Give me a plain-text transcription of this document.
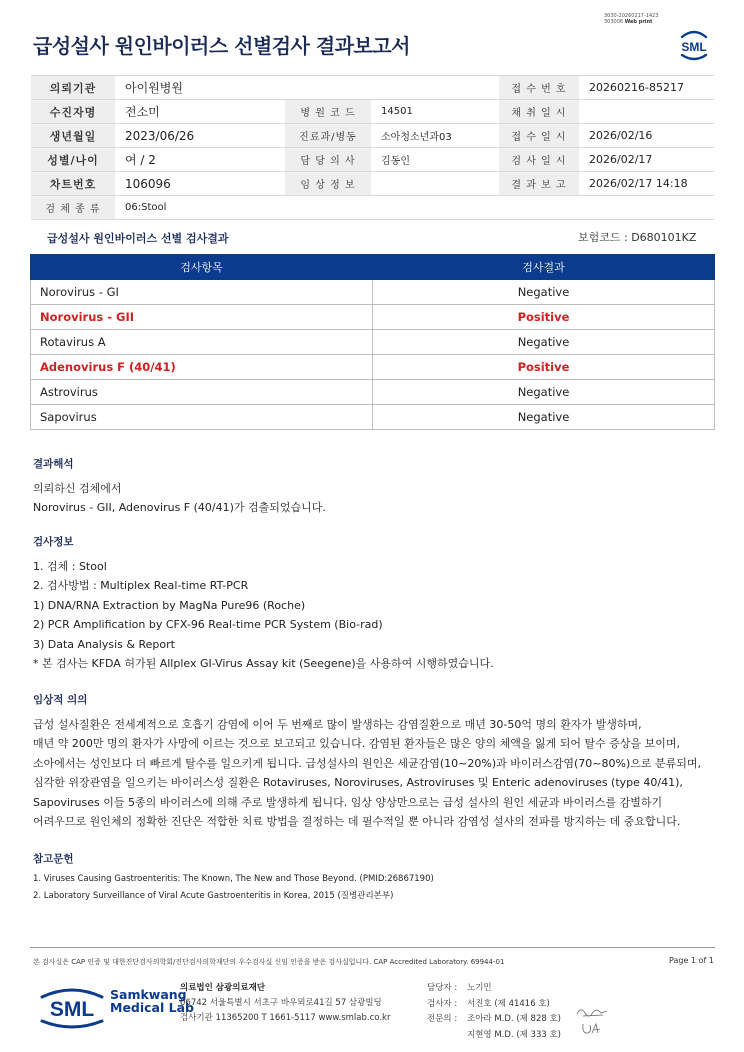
3030-20260217-1423
303006 Web print
급성설사 원인바이러스 선별검사 결과보고서	SML
의뢰기관	아이원병원			접 수 번 호	20260216-85217
수진자명	전소미	병 원 코 드	14501	채 취 일 시	
생년월일	2023/06/26	진료과/병동	소아청소년과03	접 수 일 시	2026/02/16
성별/나이	여 / 2	담 당 의 사	김동인	검 사 일 시	2026/02/17
차트번호	106096	임 상 정 보		결 과 보 고	2026/02/17 14:18
검 체 종 류	06:Stool				
급성설사 원인바이러스 선별 검사결과	보험코드 : D680101KZ
검사항목	검사결과
Norovirus - GI	Negative
Norovirus - GII	Positive
Rotavirus A	Negative
Adenovirus F (40/41)	Positive
Astrovirus	Negative
Sapovirus	Negative
결과해석
의뢰하신 검체에서
Norovirus - GII, Adenovirus F (40/41)가 검출되었습니다.
검사정보
1. 검체 : Stool
2. 검사방법 : Multiplex Real-time RT-PCR
1) DNA/RNA Extraction by MagNa Pure96 (Roche)
2) PCR Amplification by CFX-96 Real-time PCR System (Bio-rad)
3) Data Analysis & Report
* 본 검사는 KFDA 허가된 Allplex GI-Virus Assay kit (Seegene)을 사용하여 시행하였습니다.
임상적 의의
급성 설사질환은 전세계적으로 호흡기 감염에 이어 두 번째로 많이 발생하는 감염질환으로 매년 30-50억 명의 환자가 발생하며,
매년 약 200만 명의 환자가 사망에 이르는 것으로 보고되고 있습니다. 감염된 환자들은 많은 양의 체액을 잃게 되어 탈수 증상을 보이며,
소아에서는 성인보다 더 빠르게 탈수를 일으키게 됩니다. 급성설사의 원인은 세균감염(10~20%)과 바이러스감염(70~80%)으로 분류되며,
심각한 위장관염을 일으키는 바이러스성 질환은 Rotaviruses, Noroviruses, Astroviruses 및 Enteric adenoviruses (type 40/41),
Sapoviruses 이들 5종의 바이러스에 의해 주로 발생하게 됩니다. 임상 양상만으로는 급성 설사의 원인 세균과 바이러스를 감별하기
어려우므로 원인체의 정확한 진단은 적합한 치료 방법을 결정하는 데 필수적일 뿐 아니라 감염성 설사의 전파를 방지하는 데 중요합니다.
참고문헌
1. Viruses Causing Gastroenteritis: The Known, The New and Those Beyond. (PMID:26867190)
2. Laboratory Surveillance of Viral Acute Gastroenteritis in Korea, 2015 (질병관리본부)
본 검사실은 CAP 인증 및 대한진단검사의학회/진단검사의학재단의 우수검사실 신임 인증을 받은 검사실입니다. CAP Accredited Laboratory. 69944-01	Page 1 of 1
SML
Samkwang
Medical Lab
의료법인 삼광의료재단
06742 서울특별시 서초구 바우뫼로41길 57 삼광빌딩
검사기관 11365200 T 1661-5117 www.smlab.co.kr
담당자 : 노기민
검사자 : 서진호 (제 41416 호)
전문의 : 조아라 M.D. (제 828 호)
지현영 M.D. (제 333 호)
